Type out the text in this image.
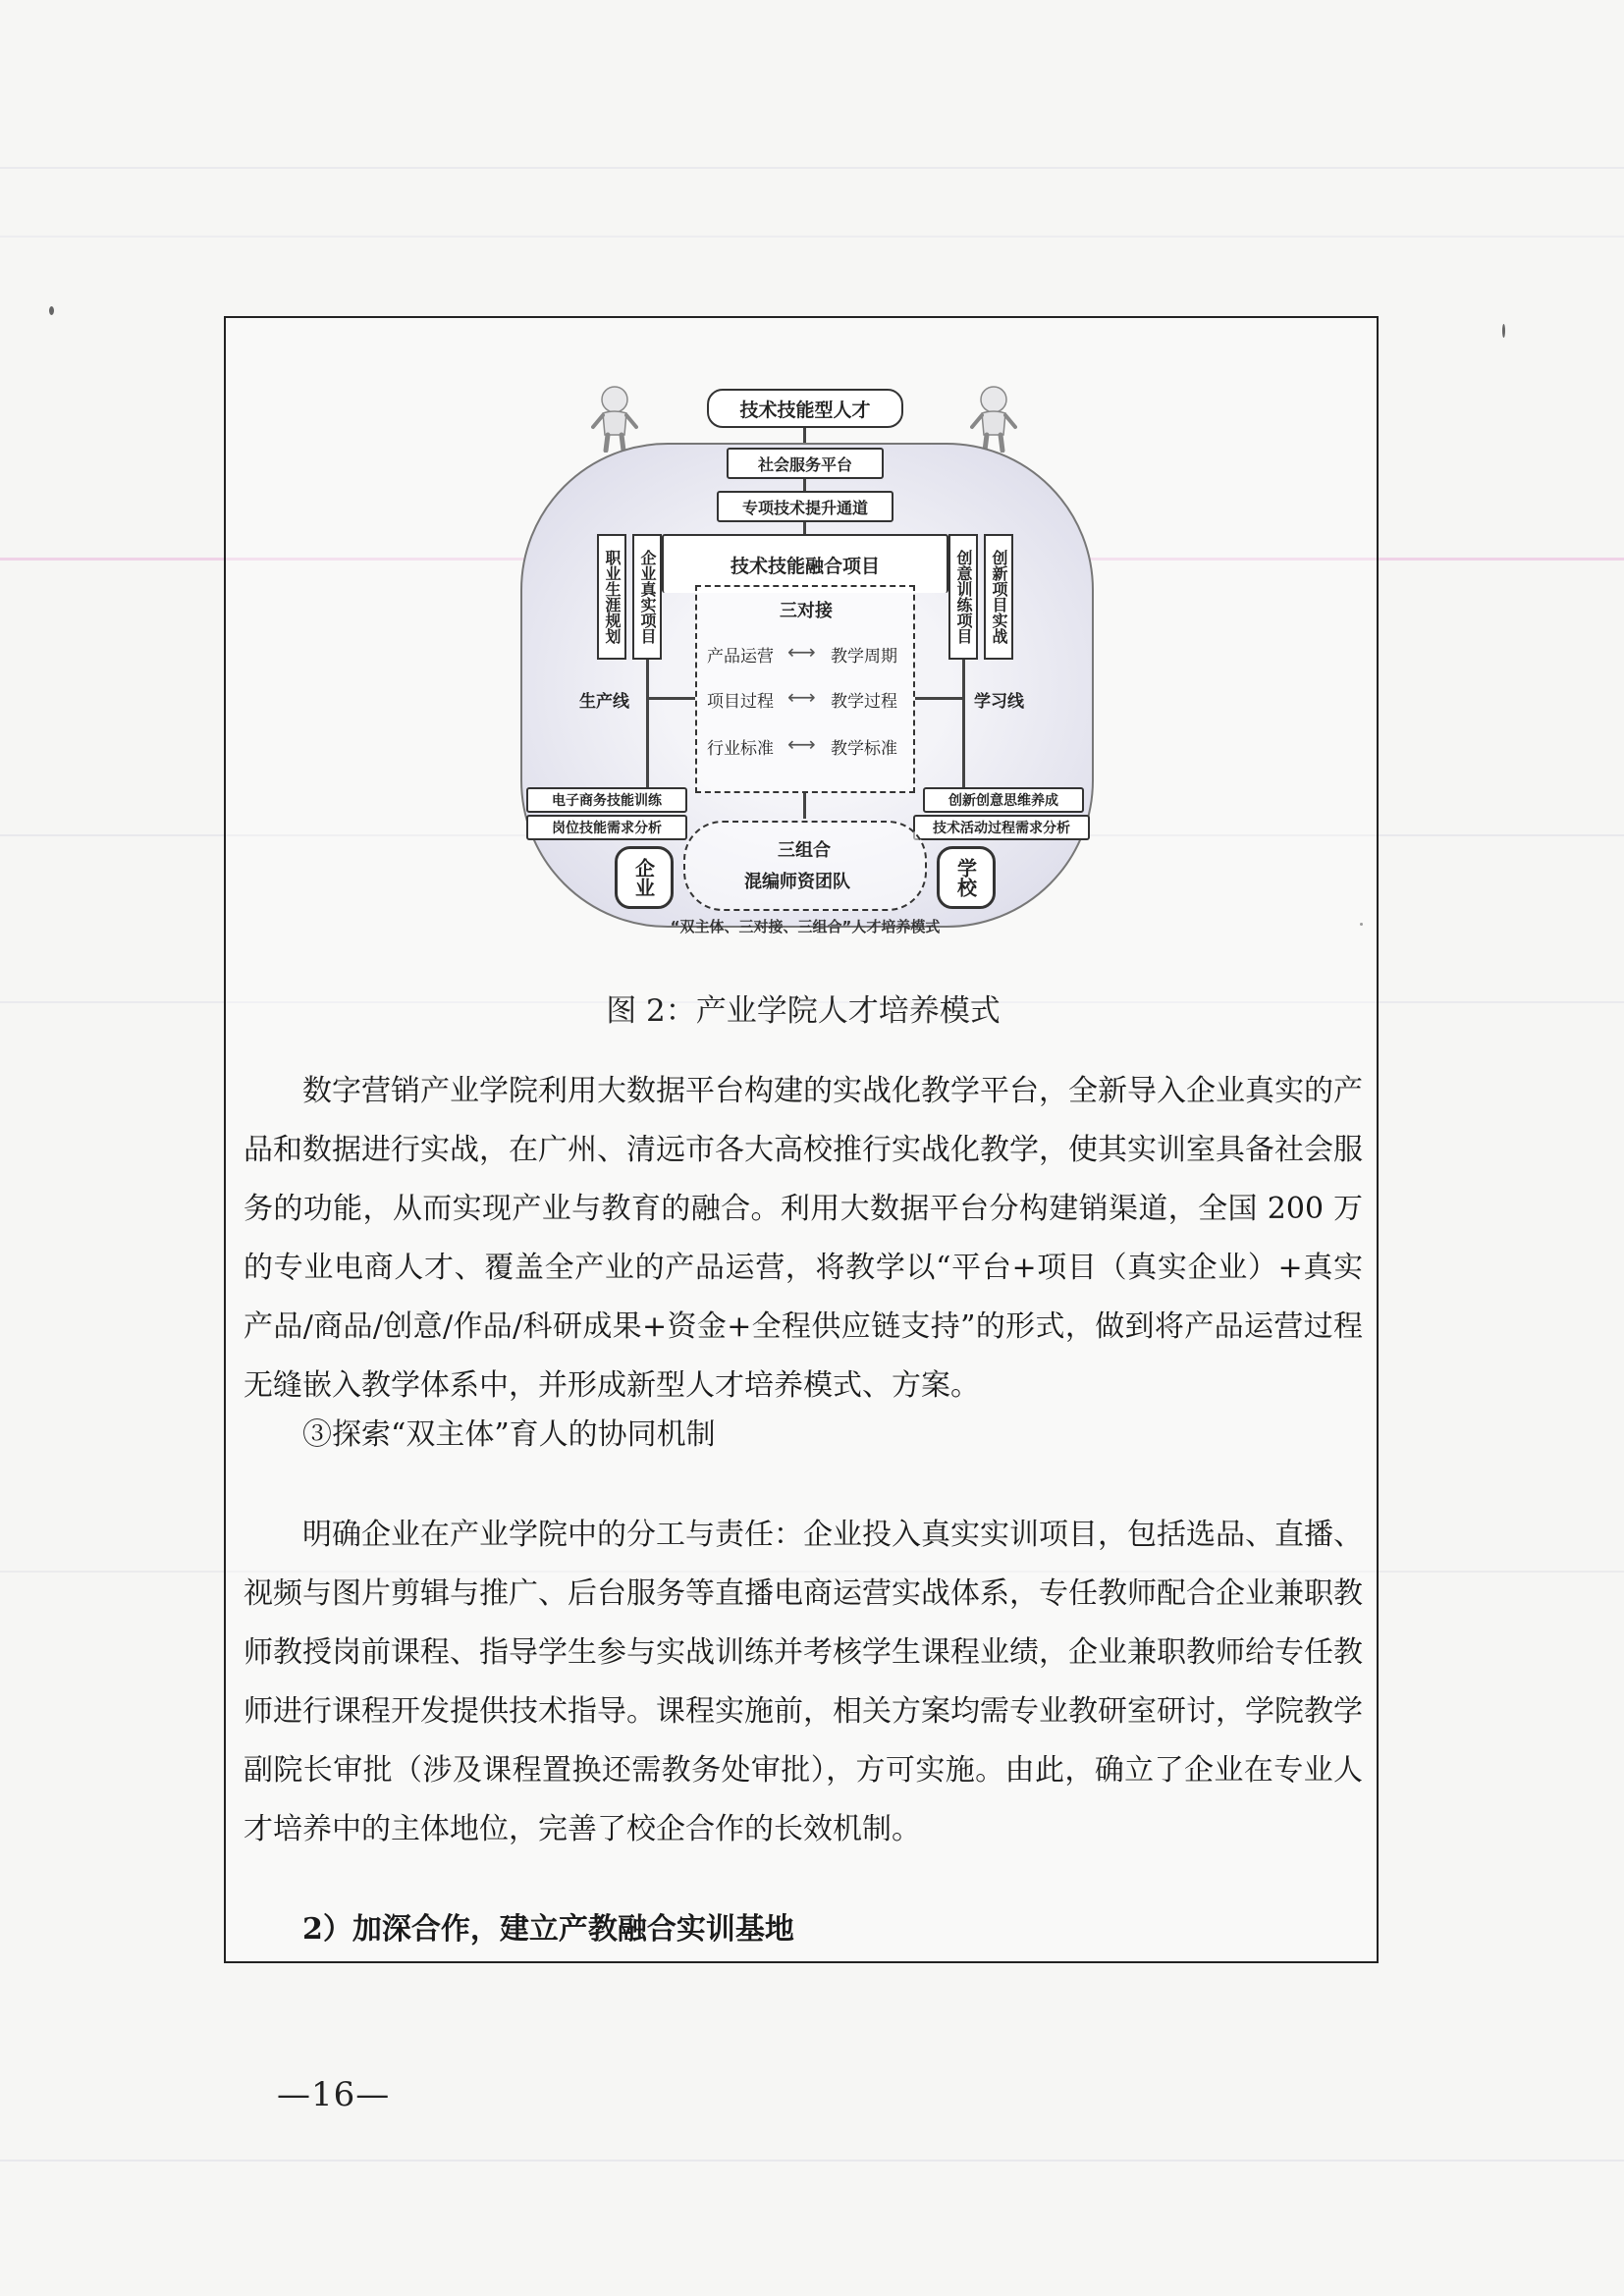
技术技能型人才
社会服务平台
专项技术提升通道
职业生涯规划	企业真实项目	创意训练项目	创新项目实战
技术技能融合项目
三对接
产品运营 ⟷ 教学周期
项目过程 ⟷ 教学过程
行业标准 ⟷ 教学标准
生产线	学习线
电子商务技能训练
岗位技能需求分析
创新创意思维养成
技术活动过程需求分析
企业	学校
三组合
混编师资团队
“双主体、三对接、三组合”人才培养模式
图 2：产业学院人才培养模式

数字营销产业学院利用大数据平台构建的实战化教学平台，全新导入企业真实的产品和数据进行实战，在广州、清远市各大高校推行实战化教学，使其实训室具备社会服务的功能，从而实现产业与教育的融合。利用大数据平台分构建销渠道，全国 200 万的专业电商人才、覆盖全产业的产品运营，将教学以“平台+项目（真实企业）+真实产品/商品/创意/作品/科研成果+资金+全程供应链支持”的形式，做到将产品运营过程无缝嵌入教学体系中，并形成新型人才培养模式、方案。

③探索“双主体”育人的协同机制

明确企业在产业学院中的分工与责任：企业投入真实实训项目，包括选品、直播、视频与图片剪辑与推广、后台服务等直播电商运营实战体系，专任教师配合企业兼职教师教授岗前课程、指导学生参与实战训练并考核学生课程业绩，企业兼职教师给专任教师进行课程开发提供技术指导。课程实施前，相关方案均需专业教研室研讨，学院教学副院长审批（涉及课程置换还需教务处审批），方可实施。由此，确立了企业在专业人才培养中的主体地位，完善了校企合作的长效机制。

2）加深合作，建立产教融合实训基地

—16—
